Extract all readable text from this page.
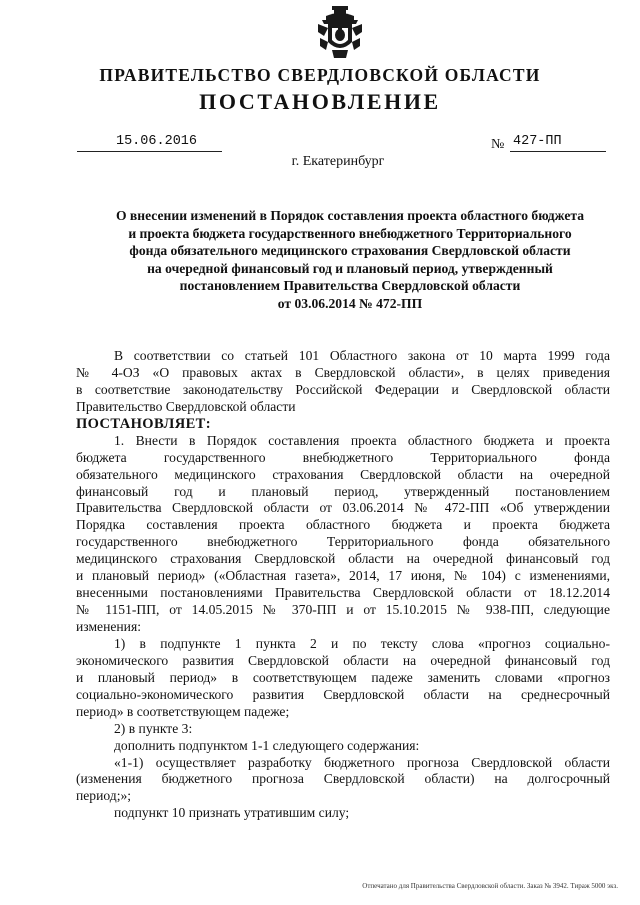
ПРАВИТЕЛЬСТВО СВЕРДЛОВСКОЙ ОБЛАСТИ
ПОСТАНОВЛЕНИЕ
15.06.2016	№ 427-ПП
г. Екатеринбург
О внесении изменений в Порядок составления проекта областного бюджета
и проекта бюджета государственного внебюджетного Территориального
фонда обязательного медицинского страхования Свердловской области
на очередной финансовый год и плановый период, утвержденный
постановлением Правительства Свердловской области
от 03.06.2014 № 472-ПП
В соответствии со статьей 101 Областного закона от 10 марта 1999 года
№ 4-ОЗ «О правовых актах в Свердловской области», в целях приведения
в соответствие законодательству Российской Федерации и Свердловской области
Правительство Свердловской области
ПОСТАНОВЛЯЕТ:
1. Внести в Порядок составления проекта областного бюджета и проекта
бюджета государственного внебюджетного Территориального фонда
обязательного медицинского страхования Свердловской области на очередной
финансовый год и плановый период, утвержденный постановлением
Правительства Свердловской области от 03.06.2014 № 472-ПП «Об утверждении
Порядка составления проекта областного бюджета и проекта бюджета
государственного внебюджетного Территориального фонда обязательного
медицинского страхования Свердловской области на очередной финансовый год
и плановый период» («Областная газета», 2014, 17 июня, № 104) с изменениями,
внесенными постановлениями Правительства Свердловской области от 18.12.2014
№ 1151-ПП, от 14.05.2015 № 370-ПП и от 15.10.2015 № 938-ПП, следующие
изменения:
1) в подпункте 1 пункта 2 и по тексту слова «прогноз социально-
экономического развития Свердловской области на очередной финансовый год
и плановый период» в соответствующем падеже заменить словами «прогноз
социально-экономического развития Свердловской области на среднесрочный
период» в соответствующем падеже;
2) в пункте 3:
дополнить подпунктом 1-1 следующего содержания:
«1-1) осуществляет разработку бюджетного прогноза Свердловской области
(изменения бюджетного прогноза Свердловской области) на долгосрочный
период;»;
подпункт 10 признать утратившим силу;
Отпечатано для Правительства Свердловской области. Заказ № 3942. Тираж 5000 экз.
